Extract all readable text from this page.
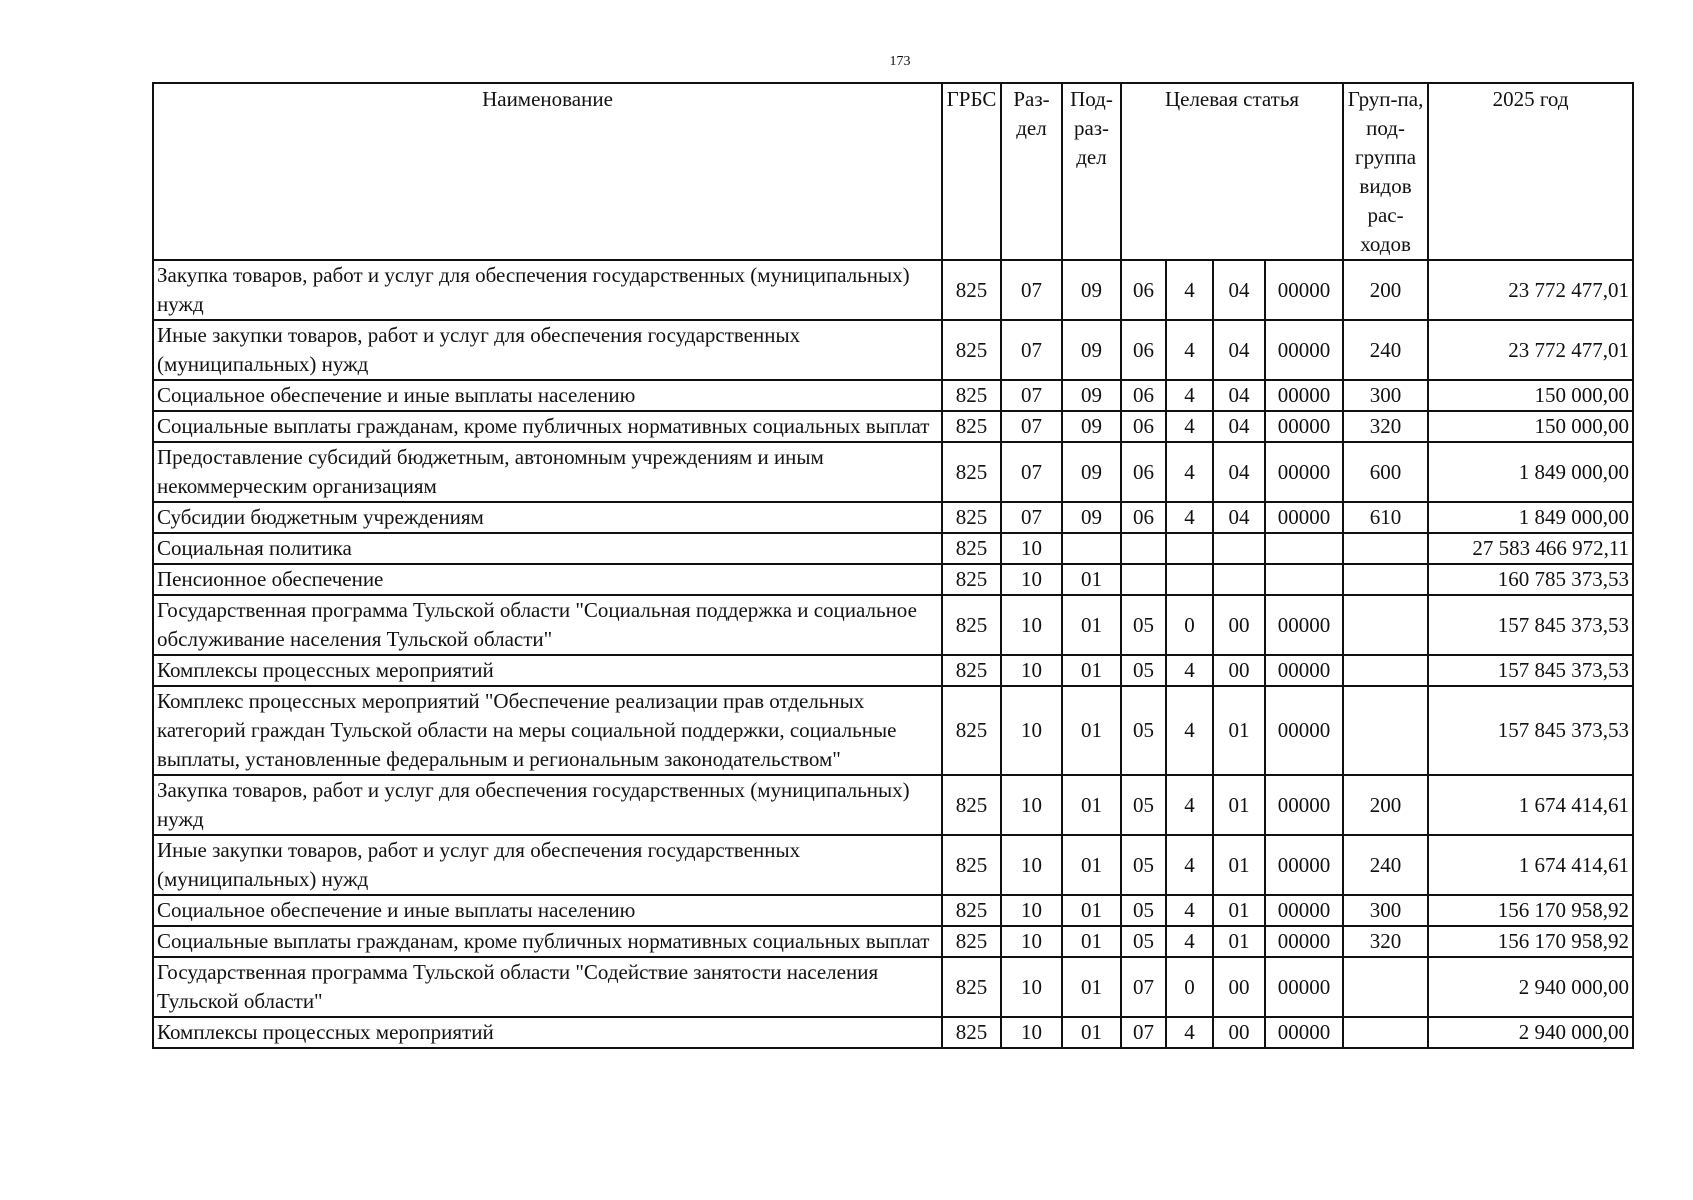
173
Наименование	ГРБС	Раз-дел	Под-раз-дел	Целевая статья				Груп-па, под-группа видов рас-ходов	2025 год
Закупка товаров, работ и услуг для обеспечения государственных (муниципальных) нужд	825	07	09	06	4	04	00000	200	23 772 477,01
Иные закупки товаров, работ и услуг для обеспечения государственных (муниципальных) нужд	825	07	09	06	4	04	00000	240	23 772 477,01
Социальное обеспечение и иные выплаты населению	825	07	09	06	4	04	00000	300	150 000,00
Социальные выплаты гражданам, кроме публичных нормативных социальных выплат	825	07	09	06	4	04	00000	320	150 000,00
Предоставление субсидий бюджетным, автономным учреждениям и иным некоммерческим организациям	825	07	09	06	4	04	00000	600	1 849 000,00
Субсидии бюджетным учреждениям	825	07	09	06	4	04	00000	610	1 849 000,00
Социальная политика	825	10							27 583 466 972,11
Пенсионное обеспечение	825	10	01						160 785 373,53
Государственная программа Тульской области "Социальная поддержка и социальное обслуживание населения Тульской области"	825	10	01	05	0	00	00000		157 845 373,53
Комплексы процессных мероприятий	825	10	01	05	4	00	00000		157 845 373,53
Комплекс процессных мероприятий "Обеспечение реализации прав отдельных категорий граждан Тульской области на меры социальной поддержки, социальные выплаты, установленные федеральным и региональным законодательством"	825	10	01	05	4	01	00000		157 845 373,53
Закупка товаров, работ и услуг для обеспечения государственных (муниципальных) нужд	825	10	01	05	4	01	00000	200	1 674 414,61
Иные закупки товаров, работ и услуг для обеспечения государственных (муниципальных) нужд	825	10	01	05	4	01	00000	240	1 674 414,61
Социальное обеспечение и иные выплаты населению	825	10	01	05	4	01	00000	300	156 170 958,92
Социальные выплаты гражданам, кроме публичных нормативных социальных выплат	825	10	01	05	4	01	00000	320	156 170 958,92
Государственная программа Тульской области "Содействие занятости населения Тульской области"	825	10	01	07	0	00	00000		2 940 000,00
Комплексы процессных мероприятий	825	10	01	07	4	00	00000		2 940 000,00
